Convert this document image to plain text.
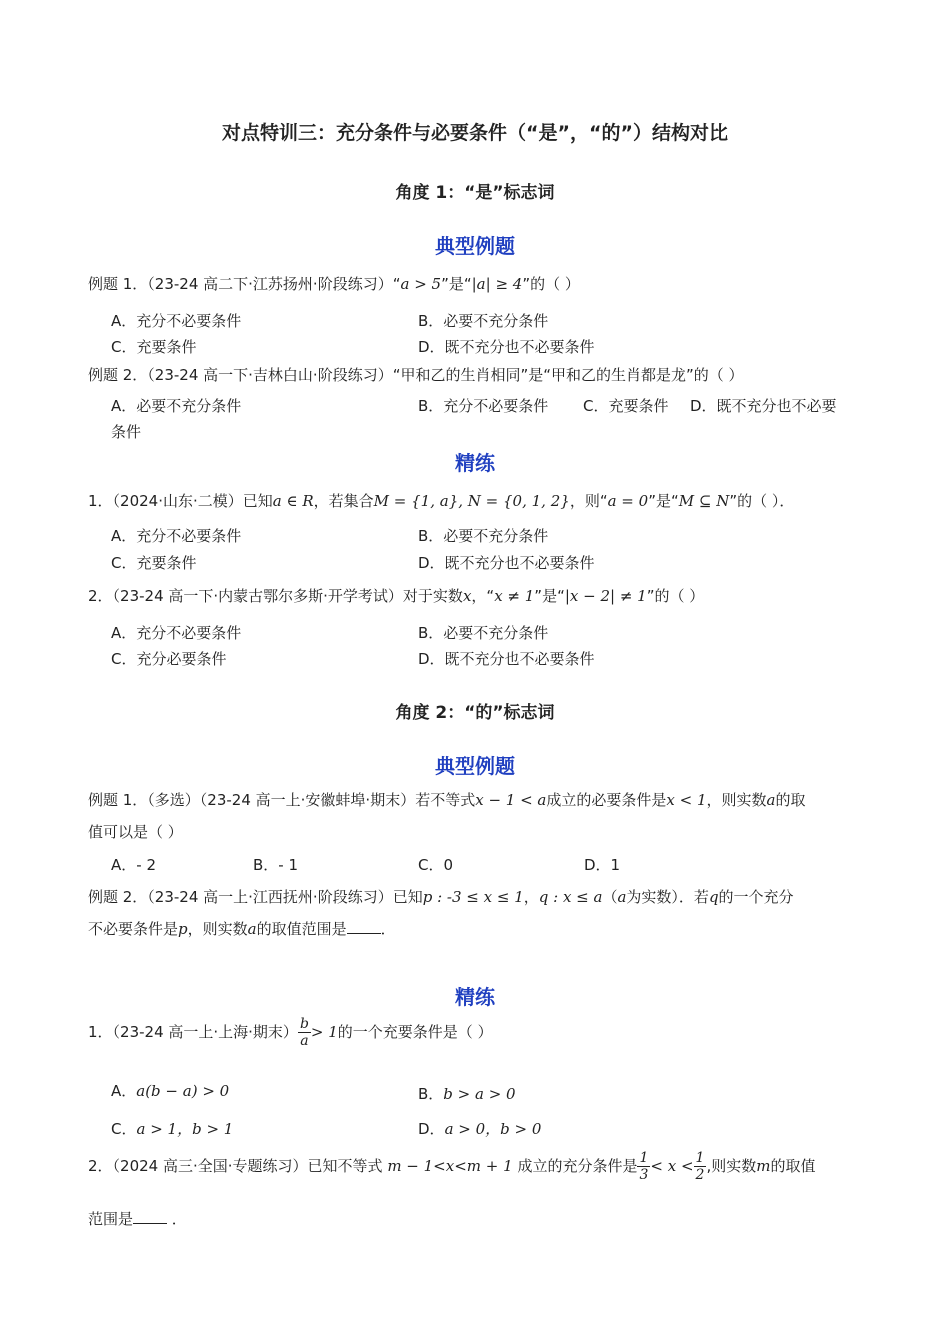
对点特训三：充分条件与必要条件（“是”，“的”）结构对比
角度 1：“是”标志词
典型例题
例题 1．（23-24 高二下·江苏扬州·阶段练习）“a > 5”是“|a| ≥ 4”的（ ）
A．充分不必要条件	B．必要不充分条件
C．充要条件	D．既不充分也不必要条件
例题 2．（23-24 高一下·吉林白山·阶段练习）“甲和乙的生肖相同”是“甲和乙的生肖都是龙”的（ ）
A．必要不充分条件	B．充分不必要条件 C．充要条件 D．既不充分也不必要
条件
精练
1．（2024·山东·二模）已知a ∈ R，若集合M = {1, a}, N = {0, 1, 2}，则“a = 0”是“M ⊆ N”的（ ）．
A．充分不必要条件	B．必要不充分条件
C．充要条件	D．既不充分也不必要条件
2．（23-24 高一下·内蒙古鄂尔多斯·开学考试）对于实数x，“x ≠ 1”是“|x − 2| ≠ 1”的（ ）
A．充分不必要条件	B．必要不充分条件
C．充分必要条件	D．既不充分也不必要条件
角度 2：“的”标志词
典型例题
例题 1．（多选）（23-24 高一上·安徽蚌埠·期末）若不等式x − 1 < a成立的必要条件是x < 1，则实数a的取
值可以是（ ）
A．- 2	B．- 1	C．0	D．1
例题 2．（23-24 高一上·江西抚州·阶段练习）已知p : -3 ≤ x ≤ 1，q : x ≤ a（a为实数）．若q的一个充分
不必要条件是p，则实数a的取值范围是 ．
精练
1．（23-24 高一上·上海·期末） $\frac{b}{a} > 1$的一个充要条件是（ ）
A．a(b − a) > 0	B．b > a > 0
C．a > 1，b > 1	D．a > 0，b > 0
2．（2024 高三·全国·专题练习）已知不等式 m − 1<x<m + 1 成立的充分条件是 $\frac{1}{3} < x < \frac{1}{2}$ ,则实数m的取值
范围是	．
